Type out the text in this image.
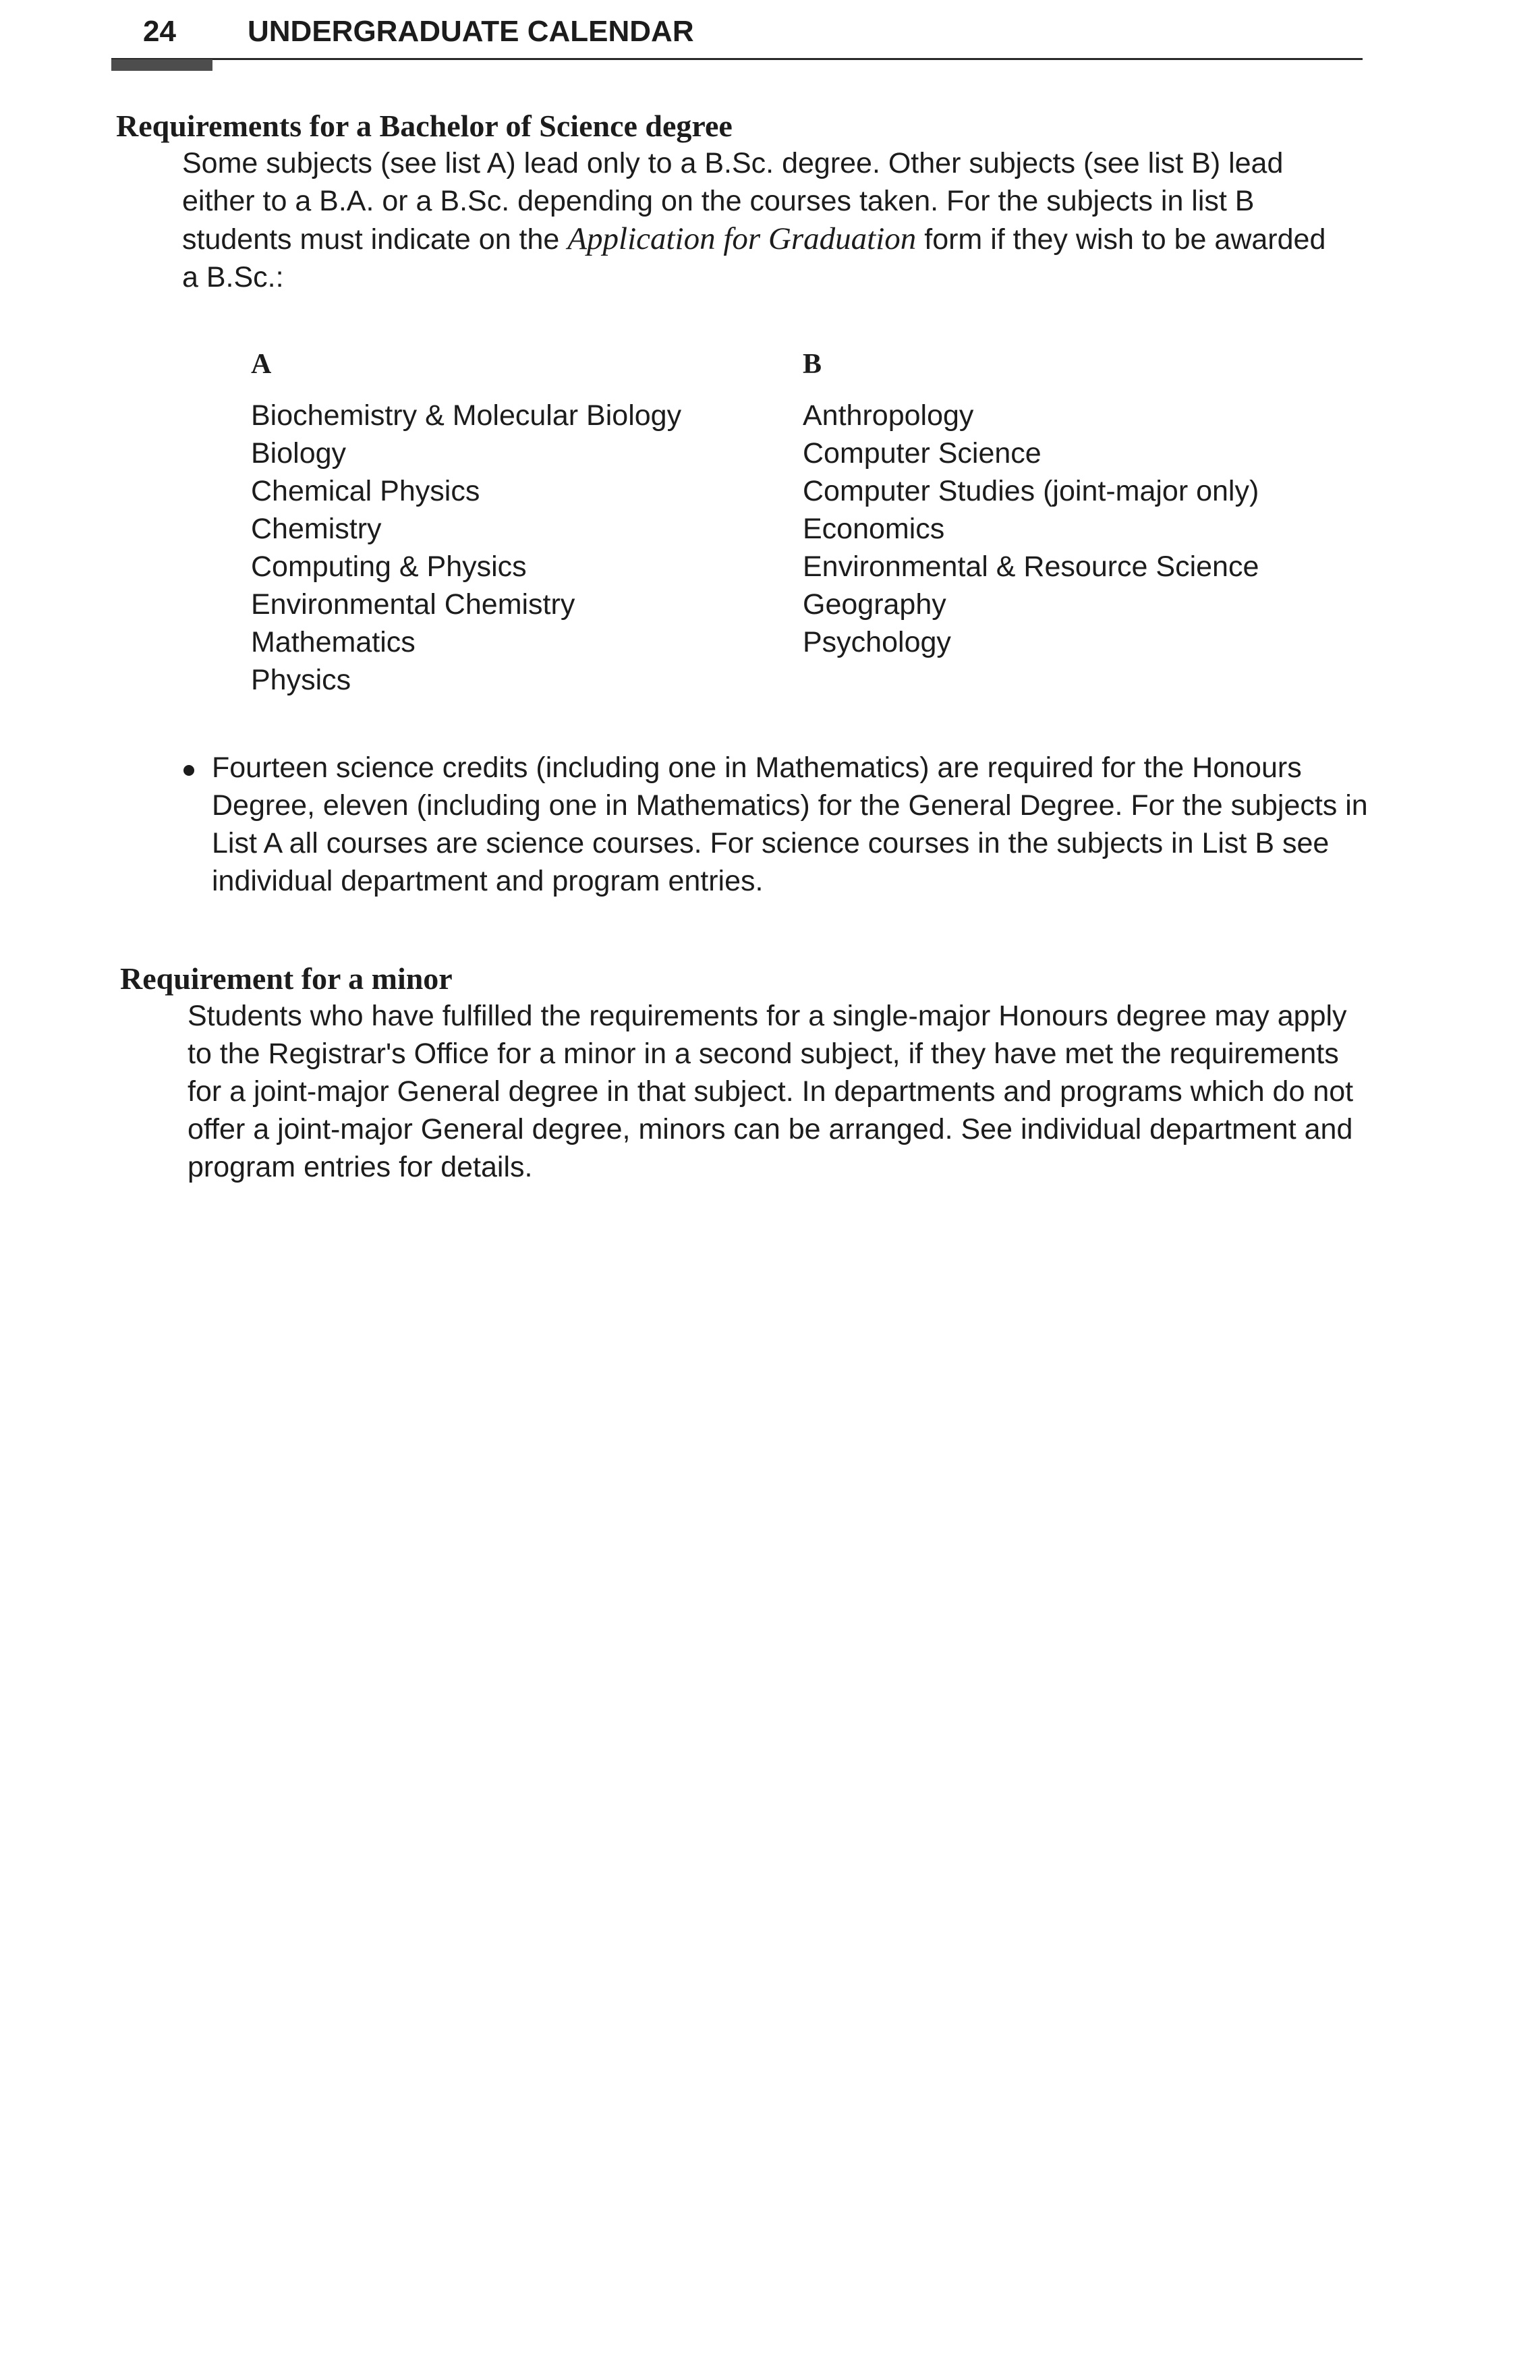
24 UNDERGRADUATE CALENDAR
Requirements for a Bachelor of Science degree
Some subjects (see list A) lead only to a B.Sc. degree. Other subjects (see list B) lead either to a B.A. or a B.Sc. depending on the courses taken. For the subjects in list B students must indicate on the Application for Graduation form if they wish to be awarded a B.Sc.:
A
Biochemistry & Molecular Biology
Biology
Chemical Physics
Chemistry
Computing & Physics
Environmental Chemistry
Mathematics
Physics
B
Anthropology
Computer Science
Computer Studies (joint-major only)
Economics
Environmental & Resource Science
Geography
Psychology
Fourteen science credits (including one in Mathematics) are required for the Honours Degree, eleven (including one in Mathematics) for the General Degree. For the subjects in List A all courses are science courses. For science courses in the subjects in List B see individual department and program entries.
Requirement for a minor
Students who have fulfilled the requirements for a single-major Honours degree may apply to the Registrar's Office for a minor in a second subject, if they have met the requirements for a joint-major General degree in that subject. In departments and programs which do not offer a joint-major General degree, minors can be arranged. See individual department and program entries for details.
